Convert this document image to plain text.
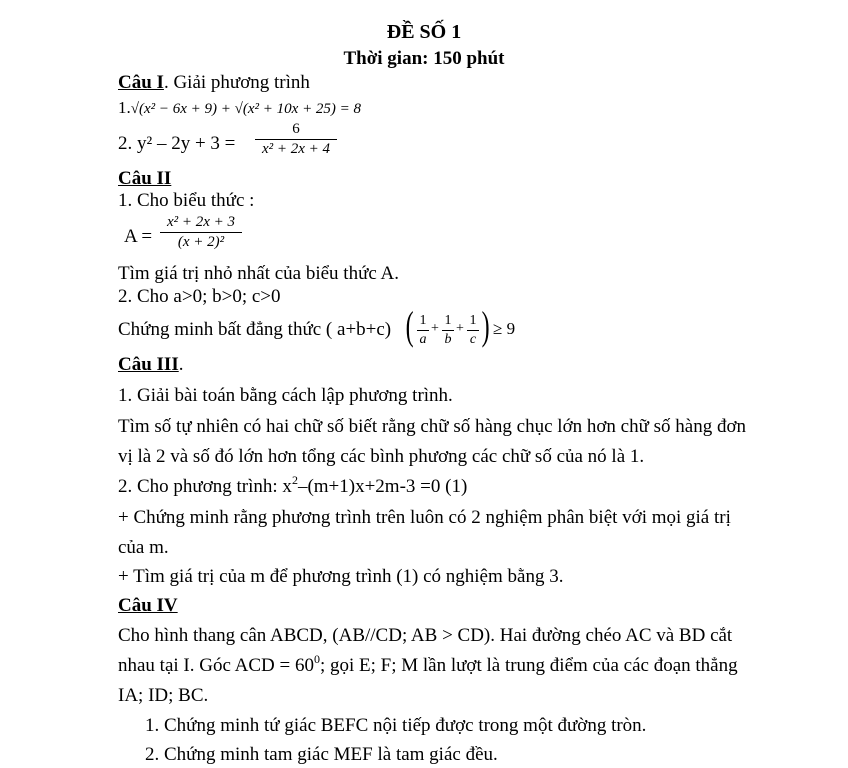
ĐỀ SỐ 1
Thời gian: 150 phút
Câu I. Giải phương trình
1.√(x² − 6x + 9) + √(x² + 10x + 25) = 8
2. y² – 2y + 3 =
6
x² + 2x + 4
Câu II
1. Cho biểu thức :
A =
x² + 2x + 3
(x + 2)²
Tìm giá trị nhỏ nhất của biểu thức A.
2. Cho a>0; b>0; c>0
Chứng minh bất đẳng thức ( a+b+c) ( 1
a
+
1
b
+
1
c ) ≥ 9
Câu III.
1. Giải bài toán bằng cách lập phương trình.
Tìm số tự nhiên có hai chữ số biết rằng chữ số hàng chục lớn hơn chữ số hàng đơn
vị là 2 và số đó lớn hơn tổng các bình phương các chữ số của nó là 1.
2. Cho phương trình: $x^2-(m+1)x+2m-3 =0$ (1)
+ Chứng minh rằng phương trình trên luôn có 2 nghiệm phân biệt với mọi giá trị
của m.
+ Tìm giá trị của m để phương trình (1) có nghiệm bằng 3.
Câu IV
Cho hình thang cân ABCD, (AB//CD; AB > CD). Hai đường chéo AC và BD cắt
nhau tại I. Góc ACD = $60^0$; gọi E; F; M lần lượt là trung điểm của các đoạn thẳng
IA; ID; BC.
1. Chứng minh tứ giác BEFC nội tiếp được trong một đường tròn.
2. Chứng minh tam giác MEF là tam giác đều.
